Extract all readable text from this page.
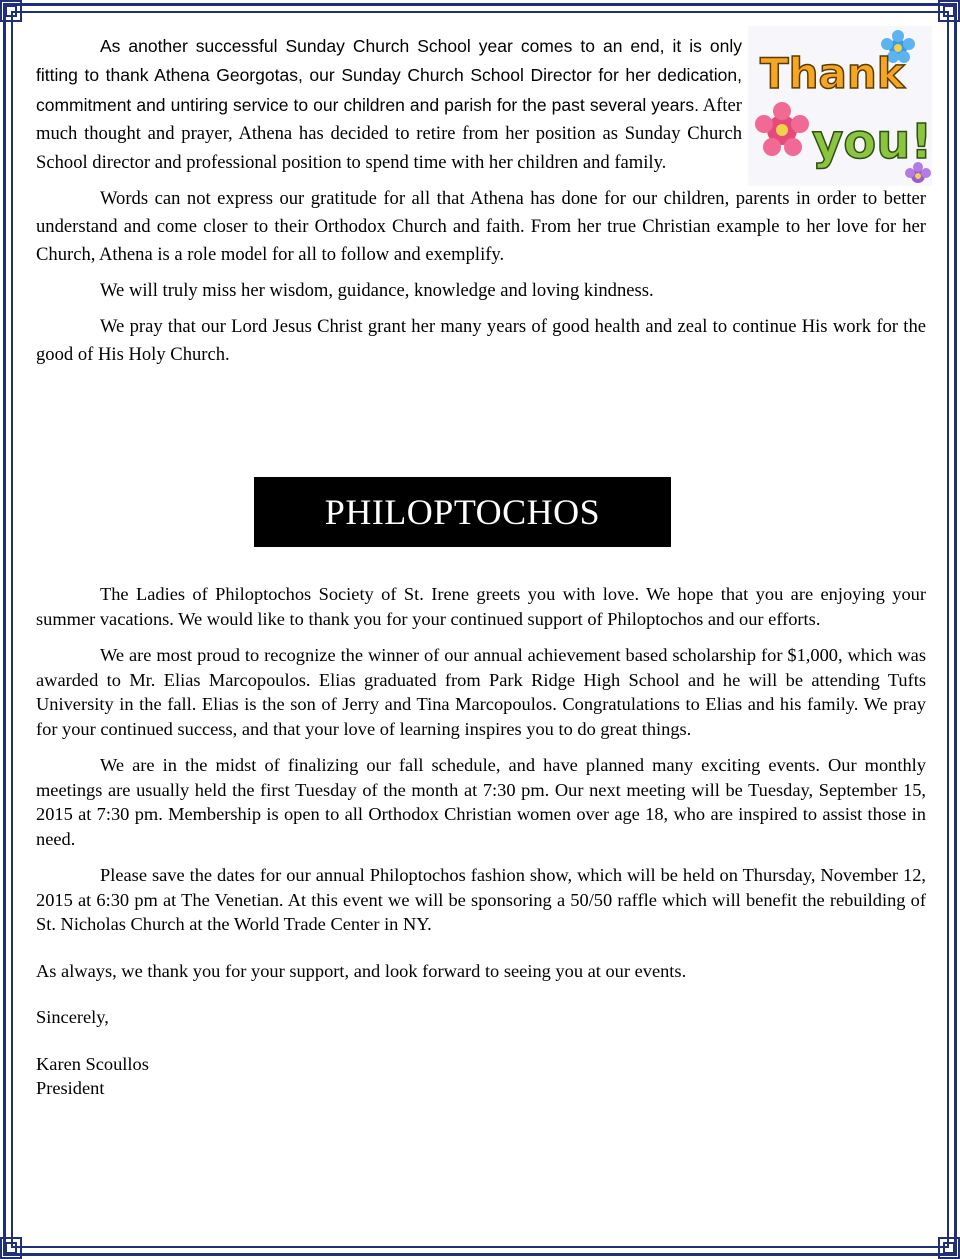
Thank
you!

As another successful Sunday Church School year comes to an end, it is only fitting to thank Athena Georgotas, our Sunday Church School Director for her dedication, commitment and untiring service to our children and parish for the past several years. After much thought and prayer, Athena has decided to retire from her position as Sunday Church School director and professional position to spend time with her children and family.

Words can not express our gratitude for all that Athena has done for our children, parents in order to better understand and come closer to their Orthodox Church and faith. From her true Christian example to her love for her Church, Athena is a role model for all to follow and exemplify.

We will truly miss her wisdom, guidance, knowledge and loving kindness.

We pray that our Lord Jesus Christ grant her many years of good health and zeal to continue His work for the good of His Holy Church.

PHILOPTOCHOS

The Ladies of Philoptochos Society of St. Irene greets you with love. We hope that you are enjoying your summer vacations. We would like to thank you for your continued support of Philoptochos and our efforts.

We are most proud to recognize the winner of our annual achievement based scholarship for $1,000, which was awarded to Mr. Elias Marcopoulos. Elias graduated from Park Ridge High School and he will be attending Tufts University in the fall. Elias is the son of Jerry and Tina Marcopoulos. Congratulations to Elias and his family. We pray for your continued success, and that your love of learning inspires you to do great things.

We are in the midst of finalizing our fall schedule, and have planned many exciting events. Our monthly meetings are usually held the first Tuesday of the month at 7:30 pm. Our next meeting will be Tuesday, September 15, 2015 at 7:30 pm. Membership is open to all Orthodox Christian women over age 18, who are inspired to assist those in need.

Please save the dates for our annual Philoptochos fashion show, which will be held on Thursday, November 12, 2015 at 6:30 pm at The Venetian. At this event we will be sponsoring a 50/50 raffle which will benefit the rebuilding of St. Nicholas Church at the World Trade Center in NY.

As always, we thank you for your support, and look forward to seeing you at our events.

Sincerely,

Karen Scoullos

President
